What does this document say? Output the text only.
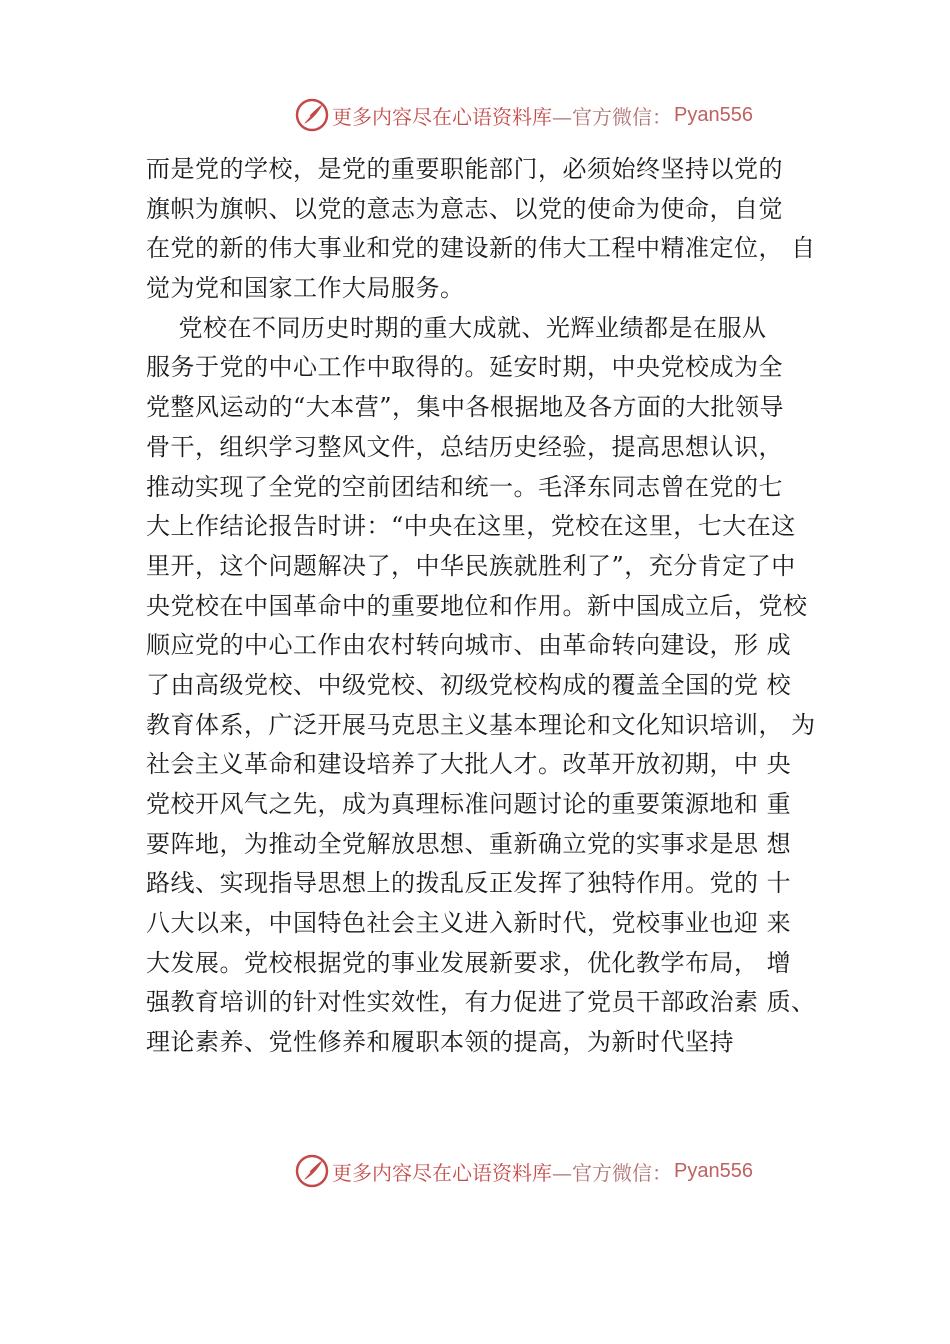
更多内容尽在心语资料库 —官方微信： Pyan556
而是党的学校，是党的重要职能部门，必须始终坚持以党的
旗帜为旗帜、以党的意志为意志、以党的使命为使命，自觉
在党的新的伟大事业和党的建设新的伟大工程中精准定位， 自
觉为党和国家工作大局服务。
党校在不同历史时期的重大成就、光辉业绩都是在服从
服务于党的中心工作中取得的。延安时期，中央党校成为全
党整风运动的“大本营”，集中各根据地及各方面的大批领导
骨干，组织学习整风文件，总结历史经验，提高思想认识，
推动实现了全党的空前团结和统一。毛泽东同志曾在党的七
大上作结论报告时讲：“中央在这里，党校在这里，七大在这
里开，这个问题解决了，中华民族就胜利了”，充分肯定了中
央党校在中国革命中的重要地位和作用。新中国成立后，党校
顺应党的中心工作由农村转向城市、由革命转向建设，形 成
了由高级党校、中级党校、初级党校构成的覆盖全国的党 校
教育体系，广泛开展马克思主义基本理论和文化知识培训， 为
社会主义革命和建设培养了大批人才。改革开放初期，中 央
党校开风气之先，成为真理标准问题讨论的重要策源地和 重
要阵地，为推动全党解放思想、重新确立党的实事求是思 想
路线、实现指导思想上的拨乱反正发挥了独特作用。党的 十
八大以来，中国特色社会主义进入新时代，党校事业也迎 来
大发展。党校根据党的事业发展新要求，优化教学布局， 增
强教育培训的针对性实效性，有力促进了党员干部政治素 质、
理论素养、党性修养和履职本领的提高，为新时代坚持
更多内容尽在心语资料库 —官方微信： Pyan556
